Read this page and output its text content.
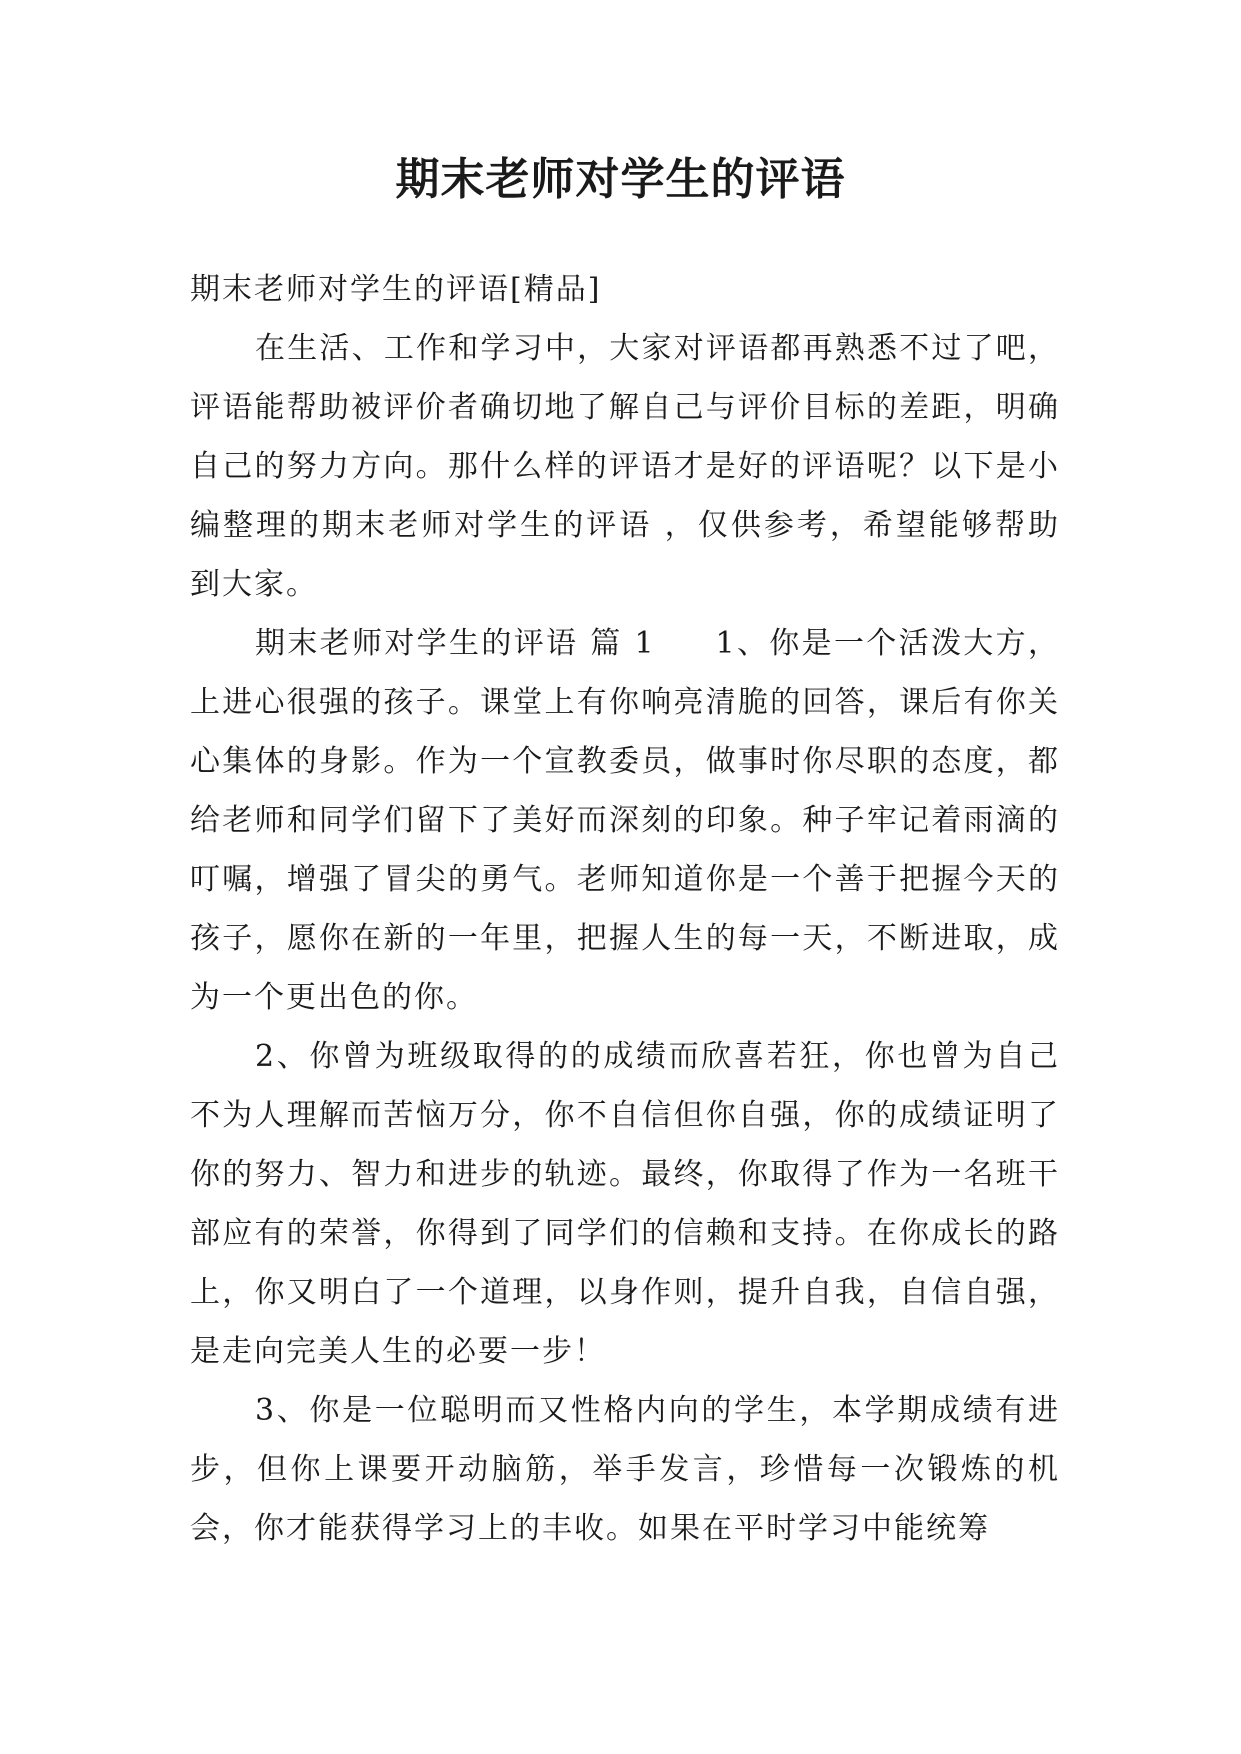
期末老师对学生的评语

期末老师对学生的评语[精品]

在生活、工作和学习中，大家对评语都再熟悉不过了吧，评语能帮助被评价者确切地了解自己与评价目标的差距，明确自己的努力方向。那什么样的评语才是好的评语呢？以下是小编整理的期末老师对学生的评语 ，仅供参考，希望能够帮助到大家。

期末老师对学生的评语 篇 1 1、你是一个活泼大方，上进心很强的孩子。课堂上有你响亮清脆的回答，课后有你关心集体的身影。作为一个宣教委员，做事时你尽职的态度，都给老师和同学们留下了美好而深刻的印象。种子牢记着雨滴的叮嘱，增强了冒尖的勇气。老师知道你是一个善于把握今天的孩子，愿你在新的一年里，把握人生的每一天，不断进取，成为一个更出色的你。

2、你曾为班级取得的的成绩而欣喜若狂，你也曾为自己不为人理解而苦恼万分，你不自信但你自强，你的成绩证明了你的努力、智力和进步的轨迹。最终，你取得了作为一名班干部应有的荣誉，你得到了同学们的信赖和支持。在你成长的路上，你又明白了一个道理，以身作则，提升自我，自信自强，是走向完美人生的必要一步！

3、你是一位聪明而又性格内向的学生，本学期成绩有进步，但你上课要开动脑筋，举手发言，珍惜每一次锻炼的机会，你才能获得学习上的丰收。如果在平时学习中能统筹
